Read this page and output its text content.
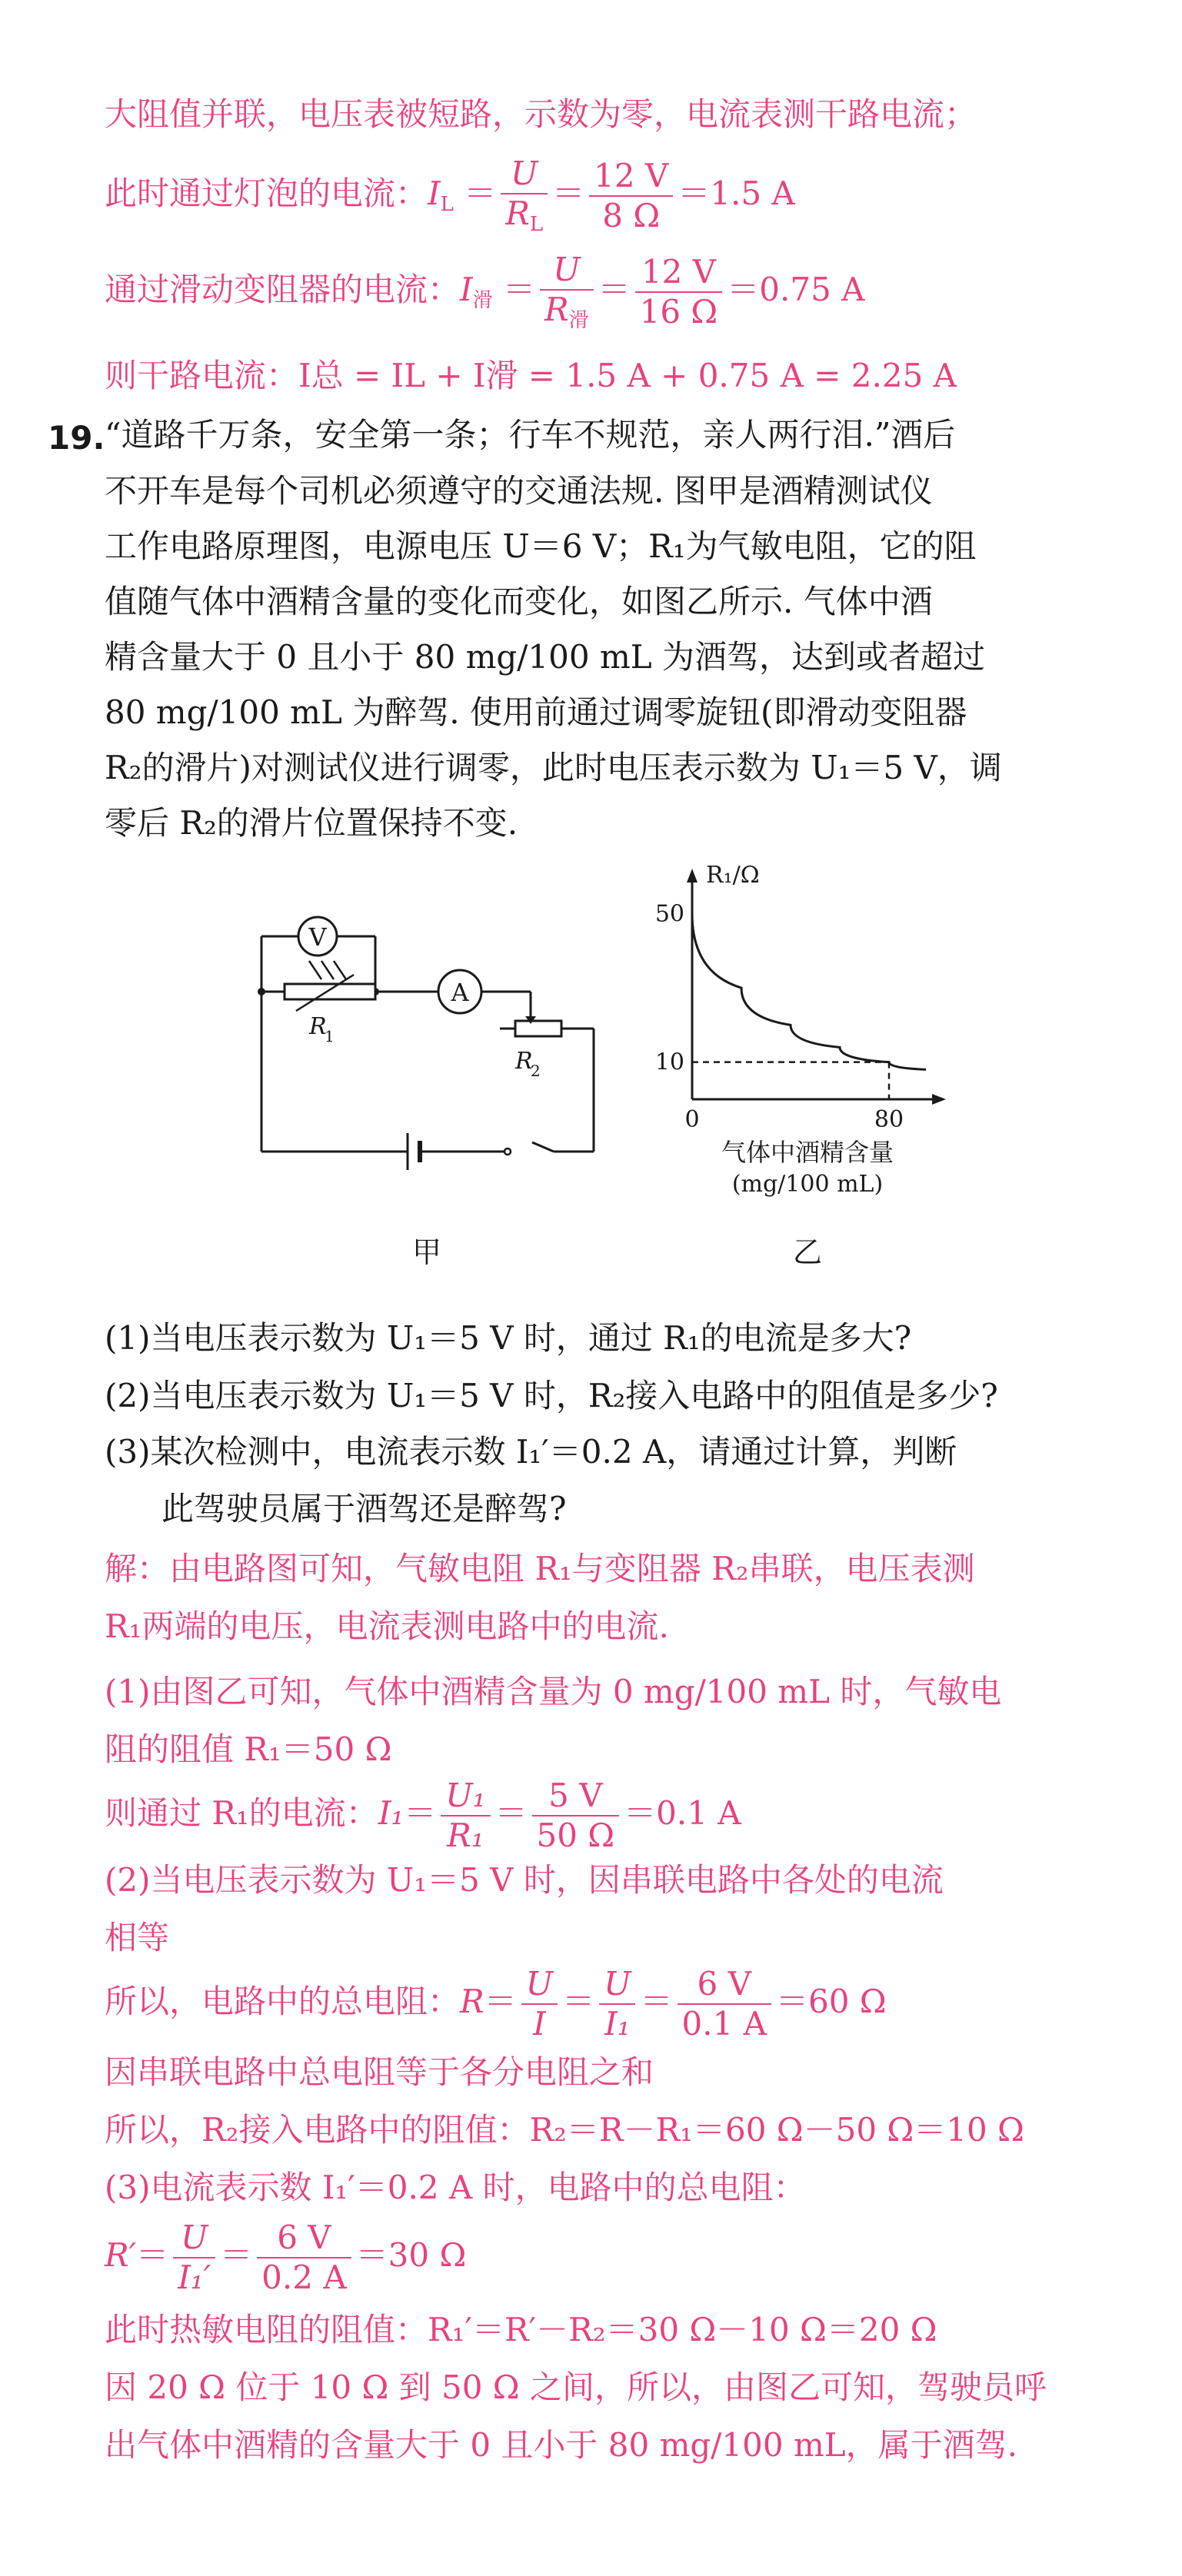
大阻值并联，电压表被短路，示数为零，电流表测干路电流；
此时通过灯泡的电流：$I_L = \frac{U}{R_L} = \frac{12 V}{8 \Omega} =1.5$ A
通过滑动变阻器的电流：$I_滑 = \frac{U}{R_滑} = \frac{12 V}{16 \Omega} =0.75$ A
则干路电流：I总 = IL + I滑 = 1.5 A + 0.75 A = 2.25 A
19. “道路千万条，安全第一条；行车不规范，亲人两行泪.”酒后
不开车是每个司机必须遵守的交通法规. 图甲是酒精测试仪
工作电路原理图，电源电压 U＝6 V；R₁为气敏电阻，它的阻
值随气体中酒精含量的变化而变化，如图乙所示. 气体中酒
精含量大于 0 且小于 80 mg/100 mL 为酒驾，达到或者超过
80 mg/100 mL 为醉驾. 使用前通过调零旋钮(即滑动变阻器
R₂的滑片)对测试仪进行调零，此时电压表示数为 U₁＝5 V，调
零后 R₂的滑片位置保持不变.
V
R
1
A
R
2
甲
R₁/Ω
50
10
0	80
气体中酒精含量
(mg/100 mL)
乙
(1)当电压表示数为 U₁＝5 V 时，通过 R₁的电流是多大?
(2)当电压表示数为 U₁＝5 V 时，R₂接入电路中的阻值是多少?
(3)某次检测中，电流表示数 I₁′＝0.2 A，请通过计算，判断
此驾驶员属于酒驾还是醉驾?
解：由电路图可知，气敏电阻 R₁与变阻器 R₂串联，电压表测
R₁两端的电压，电流表测电路中的电流.
(1)由图乙可知，气体中酒精含量为 0 mg/100 mL 时，气敏电
阻的阻值 R₁＝50 Ω
则通过 R₁的电流：$I_1= \frac{\text{U₁}}{\text{R₁}} = \frac{5 V}{50 \Omega} =0.1$ A
(2)当电压表示数为 U₁＝5 V 时，因串联电路中各处的电流
相等
所以，电路中的总电阻：$R= \frac{U}{I} = \frac{U}{\text{I₁}} = \frac{6 V}{0.1 A} =60$ Ω
因串联电路中总电阻等于各分电阻之和
所以，R₂接入电路中的阻值：R₂＝R－R₁＝60 Ω－50 Ω＝10 Ω
(3)电流表示数 I₁′＝0.2 A 时，电路中的总电阻：
$R'= \frac{U}{\text{I₁′}} = \frac{6 V}{0.2 A} =30$ Ω
此时热敏电阻的阻值：R₁′＝R′－R₂＝30 Ω－10 Ω＝20 Ω
因 20 Ω 位于 10 Ω 到 50 Ω 之间，所以，由图乙可知，驾驶员呼
出气体中酒精的含量大于 0 且小于 80 mg/100 mL，属于酒驾.
